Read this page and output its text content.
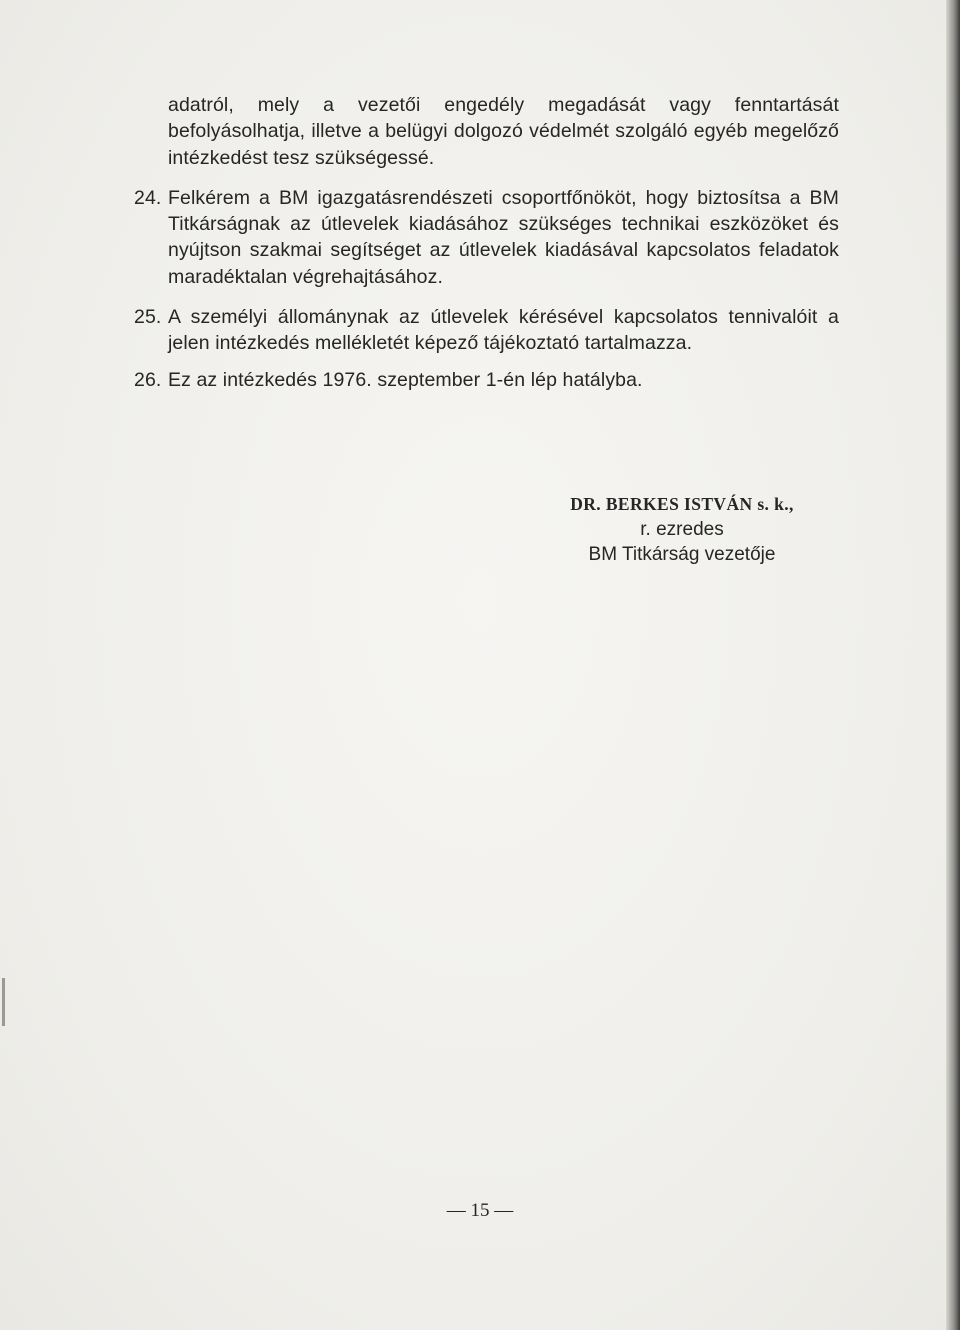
adatról, mely a vezetői engedély megadását vagy fenntartását befolyásolhatja, illetve a belügyi dolgozó védelmét szolgáló egyéb megelőző intézkedést tesz szükségessé.

24. Felkérem a BM igazgatásrendészeti csoportfőnököt, hogy biztosítsa a BM Titkárságnak az útlevelek kiadásához szükséges technikai eszközöket és nyújtson szakmai segítséget az útlevelek kiadásával kapcsolatos feladatok maradéktalan végrehajtásához.
25. A személyi állománynak az útlevelek kérésével kapcsolatos tennivalóit a jelen intézkedés mellékletét képező tájékoztató tartalmazza.
26. Ez az intézkedés 1976. szeptember 1-én lép hatályba.
DR. BERKES ISTVÁN s. k.,
r. ezredes
BM Titkárság vezetője
— 15 —
